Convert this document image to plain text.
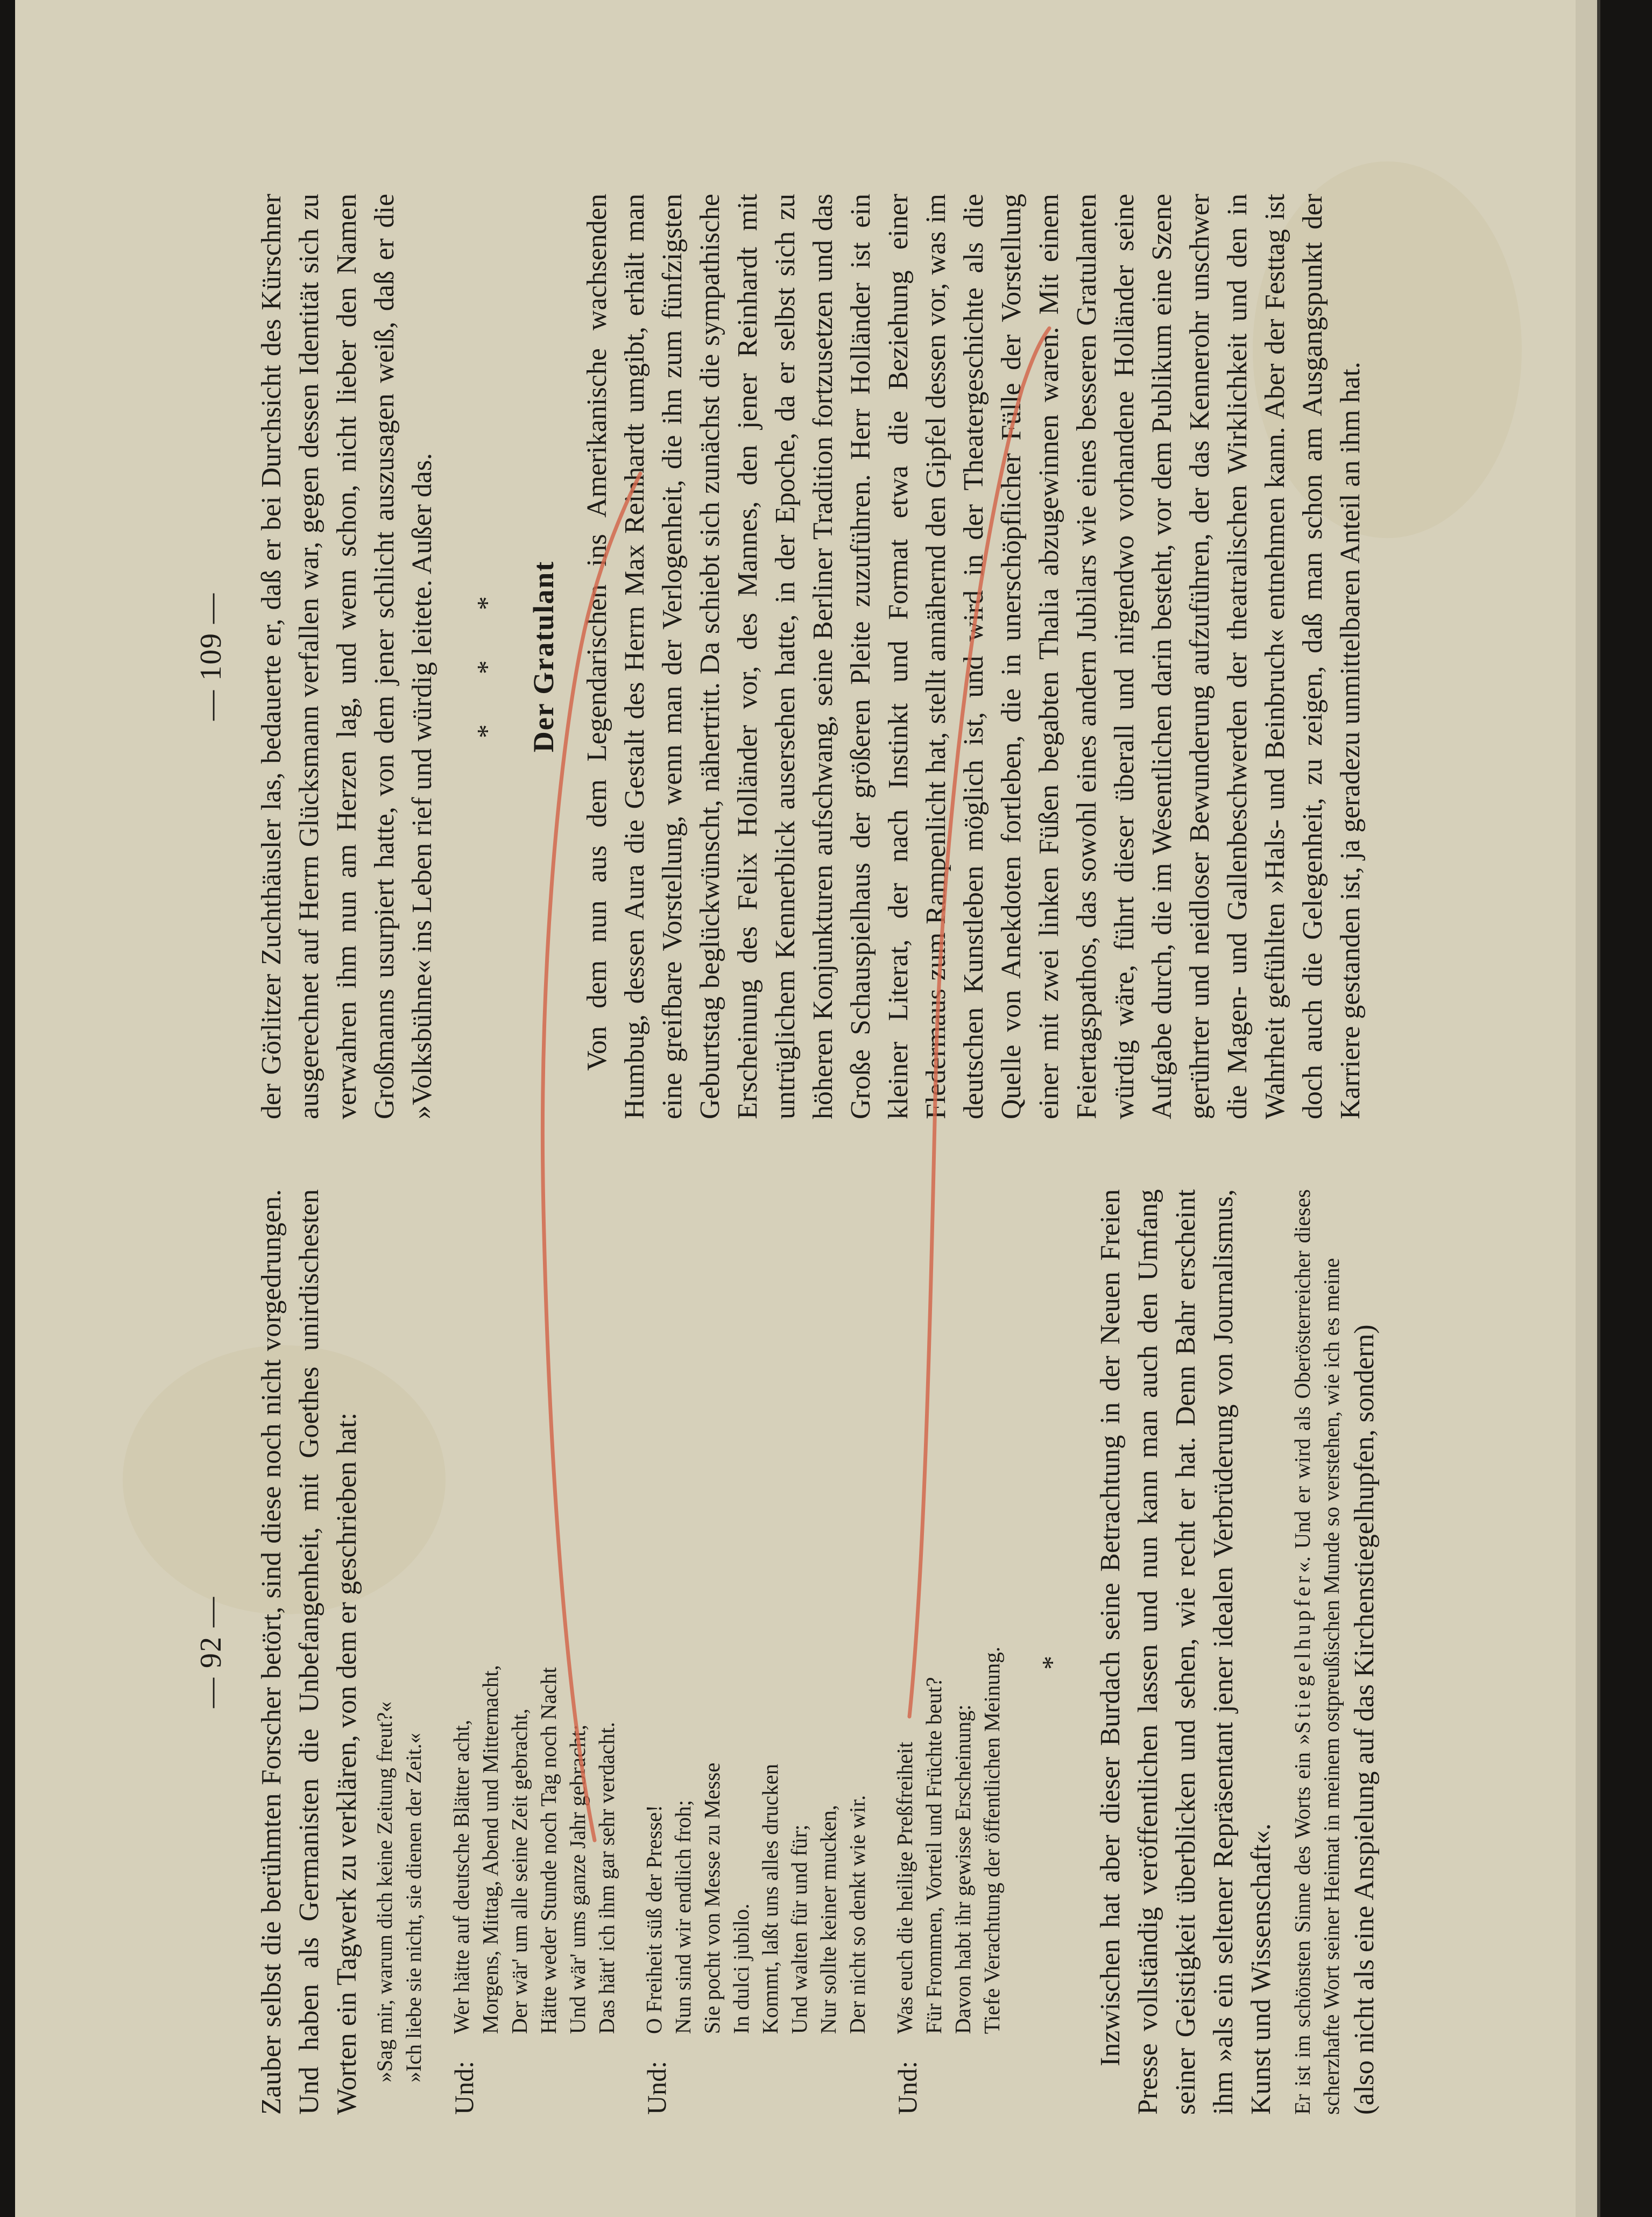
— 92 — Zauber selbst die berühmten Forscher betört, sind diese noch nicht vorgedrungen. Und haben als Germanisten die Unbefangenheit, mit Goethes unirdischesten Worten ein Tagwerk zu verklären, von dem er geschrieben hat: »Sag mir, warum dich keine Zeitung freut?« »Ich liebe sie nicht, sie dienen der Zeit.«
Und:
Wer hätte auf deutsche Blätter acht, Morgens, Mittag, Abend und Mitternacht, Der wär' um alle seine Zeit gebracht, Hätte weder Stunde noch Tag noch Nacht Und wär' ums ganze Jahr gebracht; Das hätt' ich ihm gar sehr verdacht.
Und:
O Freiheit süß der Presse! Nun sind wir endlich froh; Sie pocht von Messe zu Messe In dulci jubilo. Kommt, laßt uns alles drucken Und walten für und für; Nur sollte keiner mucken, Der nicht so denkt wie wir.
Und:
Was euch die heilige Preßfreiheit Für Frommen, Vorteil und Früchte beut? Davon habt ihr gewisse Erscheinung: Tiefe Verachtung der öffentlichen Meinung. * Inzwischen hat aber dieser Burdach seine Betrachtung in der Neuen Freien Presse vollständig veröffentlichen lassen und nun kann man auch den Umfang seiner Geistigkeit überblicken und sehen, wie recht er hat. Denn Bahr erscheint ihm »als ein seltener Repräsentant jener idealen Verbrüderung von Journalismus, Kunst und Wissenschaft«. Er ist im schönsten Sinne des Worts ein »Stiegelhupfer«. Und er wird als Oberösterreicher dieses scherzhafte Wort seiner Heimat in meinem ostpreußischen Munde so verstehen, wie ich es meine (also nicht als eine Anspielung auf das Kirchenstiegelhupfen, sondern)

— 109 — der Görlitzer Zuchthäusler las, bedauerte er, daß er bei Durchsicht des Kürschner ausgerechnet auf Herrn Glücksmann verfallen war, gegen dessen Identität sich zu verwahren ihm nun am Herzen lag, und wenn schon, nicht lieber den Namen Großmanns usurpiert hatte, von dem jener schlicht auszusagen weiß, daß er die »Volksbühne« ins Leben rief und würdig leitete. Außer das. * * * Der Gratulant Von dem nun aus dem Legendarischen ins Amerikanische wachsenden Humbug, dessen Aura die Gestalt des Herrn Max Reinhardt umgibt, erhält man eine greifbare Vorstellung, wenn man der Verlogenheit, die ihn zum fünfzigsten Geburtstag beglückwünscht, nähertritt. Da schiebt sich zunächst die sympathische Erscheinung des Felix Holländer vor, des Mannes, den jener Reinhardt mit untrüglichem Kennerblick ausersehen hatte, in der Epoche, da er selbst sich zu höheren Konjunkturen aufschwang, seine Berliner Tradition fortzusetzen und das Große Schauspielhaus der größeren Pleite zuzuführen. Herr Holländer ist ein kleiner Literat, der nach Instinkt und Format etwa die Beziehung einer Fledermaus zum Rampenlicht hat, stellt annähernd den Gipfel dessen vor, was im deutschen Kunstleben möglich ist, und wird in der Theatergeschichte als die Quelle von Anekdoten fortleben, die in unerschöpflicher Fülle der Vorstellung einer mit zwei linken Füßen begabten Thalia abzugewinnen waren. Mit einem Feiertagspathos, das sowohl eines andern Jubilars wie eines besseren Gratulanten würdig wäre, führt dieser überall und nirgendwo vorhandene Holländer seine Aufgabe durch, die im Wesentlichen darin besteht, vor dem Publikum eine Szene gerührter und neidloser Bewunderung aufzuführen, der das Kennerohr unschwer die Magen- und Gallenbeschwerden der theatralischen Wirklichkeit und den in Wahrheit gefühlten »Hals- und Beinbruch« entnehmen kann. Aber der Festtag ist doch auch die Gelegenheit, zu zeigen, daß man schon am Ausgangspunkt der Karriere gestanden ist, ja geradezu unmittelbaren Anteil an ihm hat.
